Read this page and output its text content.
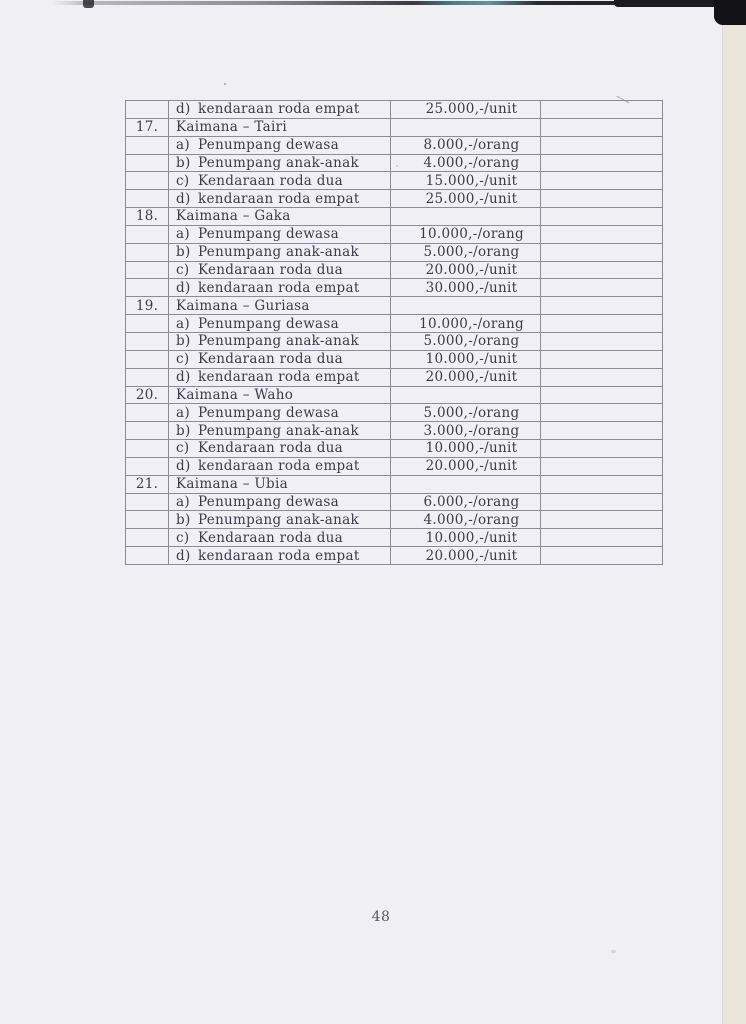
	d) kendaraan roda empat	25.000,-/unit	
17.	Kaimana – Tairi		
	a) Penumpang dewasa	8.000,-/orang	
	b) Penumpang anak-anak	4.000,-/orang	
	c) Kendaraan roda dua	15.000,-/unit	
	d) kendaraan roda empat	25.000,-/unit	
18.	Kaimana – Gaka		
	a) Penumpang dewasa	10.000,-/orang	
	b) Penumpang anak-anak	5.000,-/orang	
	c) Kendaraan roda dua	20.000,-/unit	
	d) kendaraan roda empat	30.000,-/unit	
19.	Kaimana – Guriasa		
	a) Penumpang dewasa	10.000,-/orang	
	b) Penumpang anak-anak	5.000,-/orang	
	c) Kendaraan roda dua	10.000,-/unit	
	d) kendaraan roda empat	20.000,-/unit	
20.	Kaimana – Waho		
	a) Penumpang dewasa	5.000,-/orang	
	b) Penumpang anak-anak	3.000,-/orang	
	c) Kendaraan roda dua	10.000,-/unit	
	d) kendaraan roda empat	20.000,-/unit	
21.	Kaimana – Ubia		
	a) Penumpang dewasa	6.000,-/orang	
	b) Penumpang anak-anak	4.000,-/orang	
	c) Kendaraan roda dua	10.000,-/unit	
	d) kendaraan roda empat	20.000,-/unit	
48
